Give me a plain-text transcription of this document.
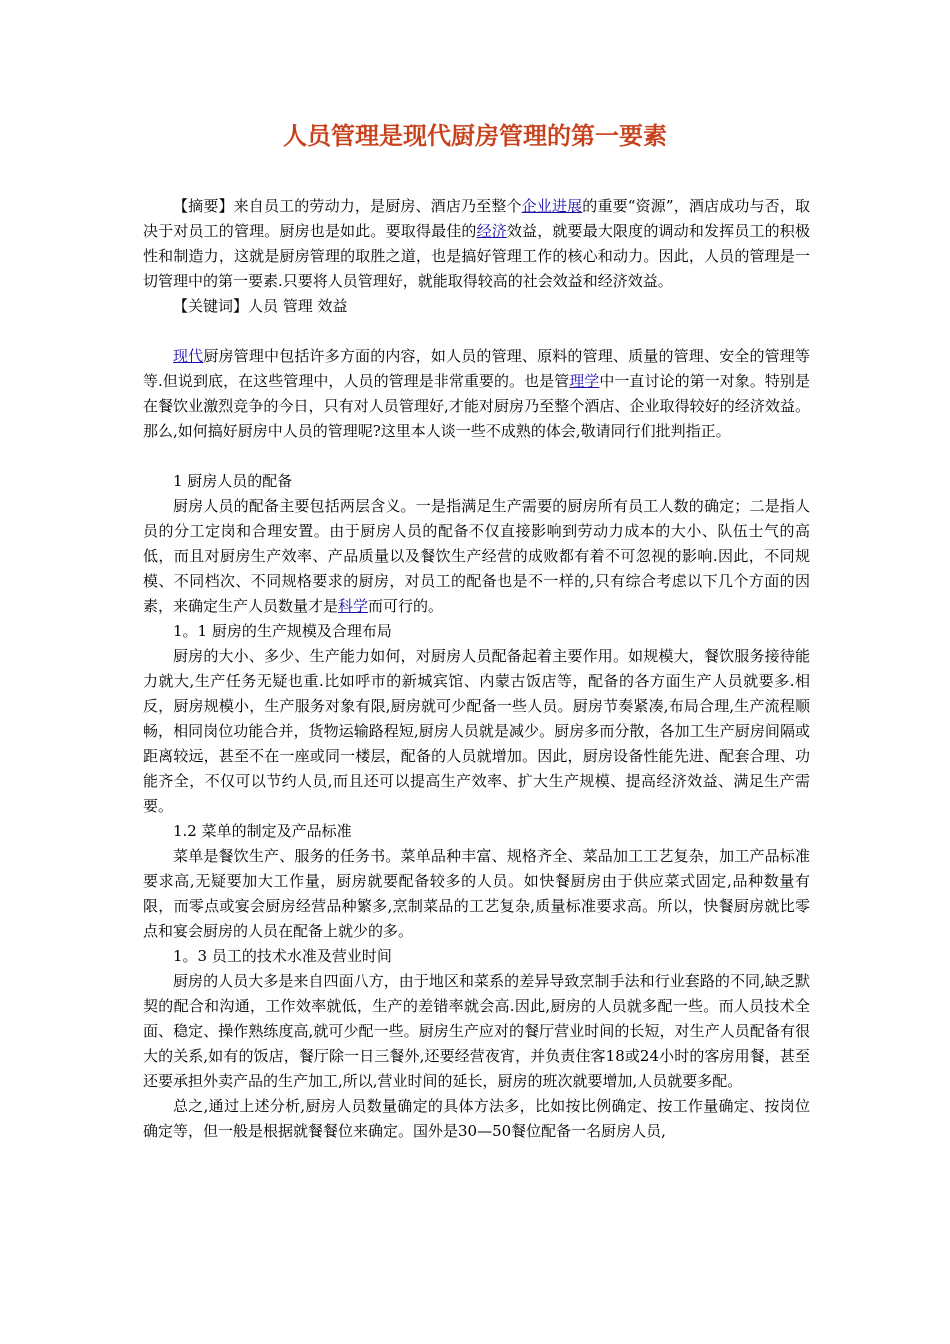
人员管理是现代厨房管理的第一要素

【摘要】来自员工的劳动力，是厨房、酒店乃至整个企业进展的重要“资源”，酒店成功与否，取决于对员工的管理。厨房也是如此。要取得最佳的经济效益，就要最大限度的调动和发挥员工的积极性和制造力，这就是厨房管理的取胜之道，也是搞好管理工作的核心和动力。因此，人员的管理是一切管理中的第一要素.只要将人员管理好，就能取得较高的社会效益和经济效益。

【关键词】人员 管理 效益

现代厨房管理中包括许多方面的内容，如人员的管理、原料的管理、质量的管理、安全的管理等等.但说到底，在这些管理中，人员的管理是非常重要的。也是管理学中一直讨论的第一对象。特别是在餐饮业激烈竞争的今日，只有对人员管理好,才能对厨房乃至整个酒店、企业取得较好的经济效益。那么,如何搞好厨房中人员的管理呢?这里本人谈一些不成熟的体会,敬请同行们批判指正。

1 厨房人员的配备

厨房人员的配备主要包括两层含义。一是指满足生产需要的厨房所有员工人数的确定；二是指人员的分工定岗和合理安置。由于厨房人员的配备不仅直接影响到劳动力成本的大小、队伍士气的高低，而且对厨房生产效率、产品质量以及餐饮生产经营的成败都有着不可忽视的影响.因此，不同规模、不同档次、不同规格要求的厨房，对员工的配备也是不一样的,只有综合考虑以下几个方面的因素，来确定生产人员数量才是科学而可行的。

1。1 厨房的生产规模及合理布局

厨房的大小、多少、生产能力如何，对厨房人员配备起着主要作用。如规模大，餐饮服务接待能力就大,生产任务无疑也重.比如呼市的新城宾馆、内蒙古饭店等，配备的各方面生产人员就要多.相反，厨房规模小，生产服务对象有限,厨房就可少配备一些人员。厨房节奏紧凑,布局合理,生产流程顺畅，相同岗位功能合并，货物运输路程短,厨房人员就是减少。厨房多而分散，各加工生产厨房间隔或距离较远，甚至不在一座或同一楼层，配备的人员就增加。因此，厨房设备性能先进、配套合理、功能齐全，不仅可以节约人员,而且还可以提高生产效率、扩大生产规模、提高经济效益、满足生产需要。

1.2 菜单的制定及产品标准

菜单是餐饮生产、服务的任务书。菜单品种丰富、规格齐全、菜品加工工艺复杂，加工产品标准要求高,无疑要加大工作量，厨房就要配备较多的人员。如快餐厨房由于供应菜式固定,品种数量有限，而零点或宴会厨房经营品种繁多,烹制菜品的工艺复杂,质量标准要求高。所以，快餐厨房就比零点和宴会厨房的人员在配备上就少的多。

1。3 员工的技术水准及营业时间

厨房的人员大多是来自四面八方，由于地区和菜系的差异导致烹制手法和行业套路的不同,缺乏默契的配合和沟通，工作效率就低，生产的差错率就会高.因此,厨房的人员就多配一些。而人员技术全面、稳定、操作熟练度高,就可少配一些。厨房生产应对的餐厅营业时间的长短，对生产人员配备有很大的关系,如有的饭店，餐厅除一日三餐外,还要经营夜宵，并负责住客18或24小时的客房用餐，甚至还要承担外卖产品的生产加工,所以,营业时间的延长，厨房的班次就要增加,人员就要多配。

总之,通过上述分析,厨房人员数量确定的具体方法多，比如按比例确定、按工作量确定、按岗位确定等，但一般是根据就餐餐位来确定。国外是30—50餐位配备一名厨房人员,
